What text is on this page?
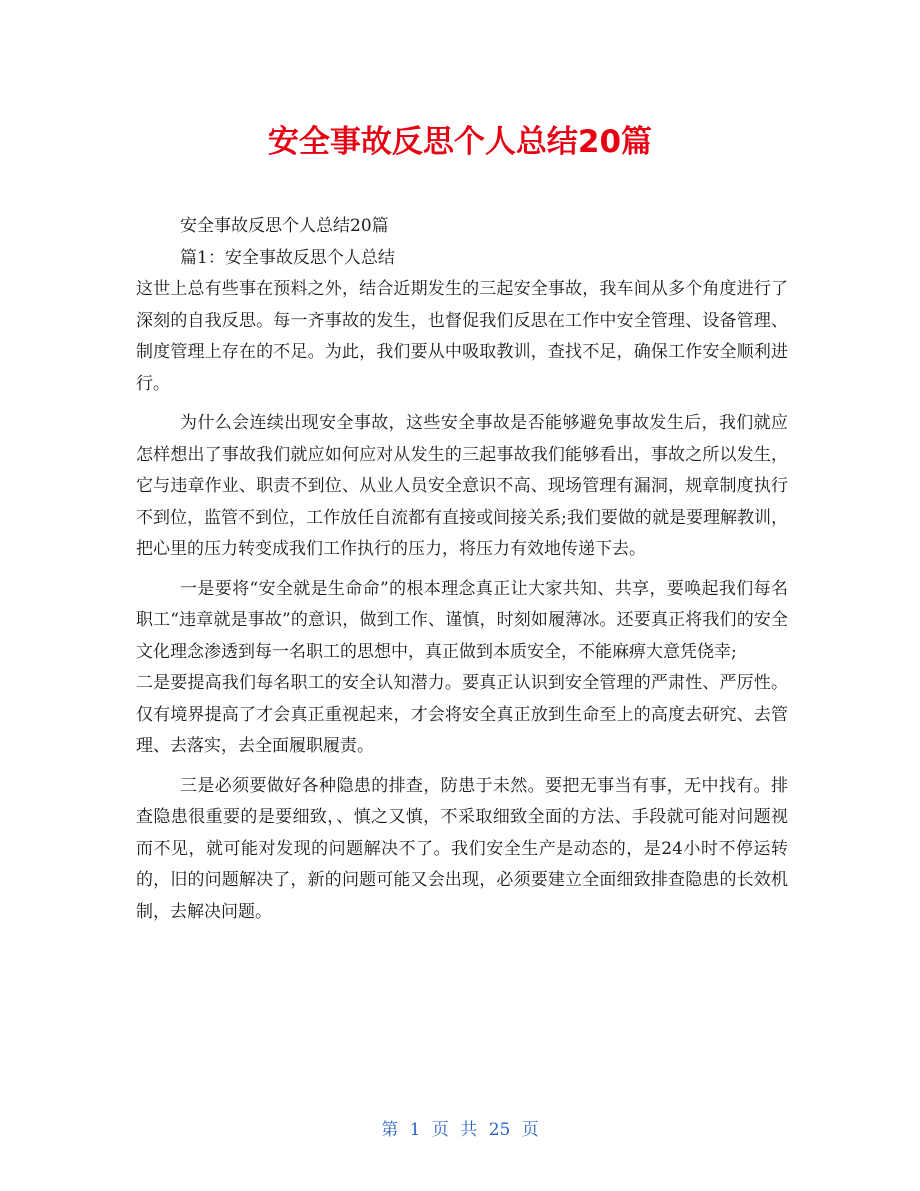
安全事故反思个人总结20篇

安全事故反思个人总结20篇

篇1：安全事故反思个人总结

这世上总有些事在预料之外，结合近期发生的三起安全事故，我车间从多个角度进行了深刻的自我反思。每一齐事故的发生，也督促我们反思在工作中安全管理、设备管理、制度管理上存在的不足。为此，我们要从中吸取教训，查找不足，确保工作安全顺利进行。

为什么会连续出现安全事故，这些安全事故是否能够避免事故发生后，我们就应怎样想出了事故我们就应如何应对从发生的三起事故我们能够看出，事故之所以发生，它与违章作业、职责不到位、从业人员安全意识不高、现场管理有漏洞，规章制度执行不到位，监管不到位，工作放任自流都有直接或间接关系;我们要做的就是要理解教训，把心里的压力转变成我们工作执行的压力，将压力有效地传递下去。

一是要将“安全就是生命命”的根本理念真正让大家共知、共享，要唤起我们每名职工“违章就是事故”的意识，做到工作、谨慎，时刻如履薄冰。还要真正将我们的安全文化理念渗透到每一名职工的思想中，真正做到本质安全，不能麻痹大意凭侥幸;

二是要提高我们每名职工的安全认知潜力。要真正认识到安全管理的严肃性、严厉性。仅有境界提高了才会真正重视起来，才会将安全真正放到生命至上的高度去研究、去管理、去落实，去全面履职履责。

三是必须要做好各种隐患的排查，防患于未然。要把无事当有事，无中找有。排查隐患很重要的是要细致，、慎之又慎，不采取细致全面的方法、手段就可能对问题视而不见，就可能对发现的问题解决不了。我们安全生产是动态的，是24小时不停运转的，旧的问题解决了，新的问题可能又会出现，必须要建立全面细致排查隐患的长效机制，去解决问题。

第 1 页 共 25 页
